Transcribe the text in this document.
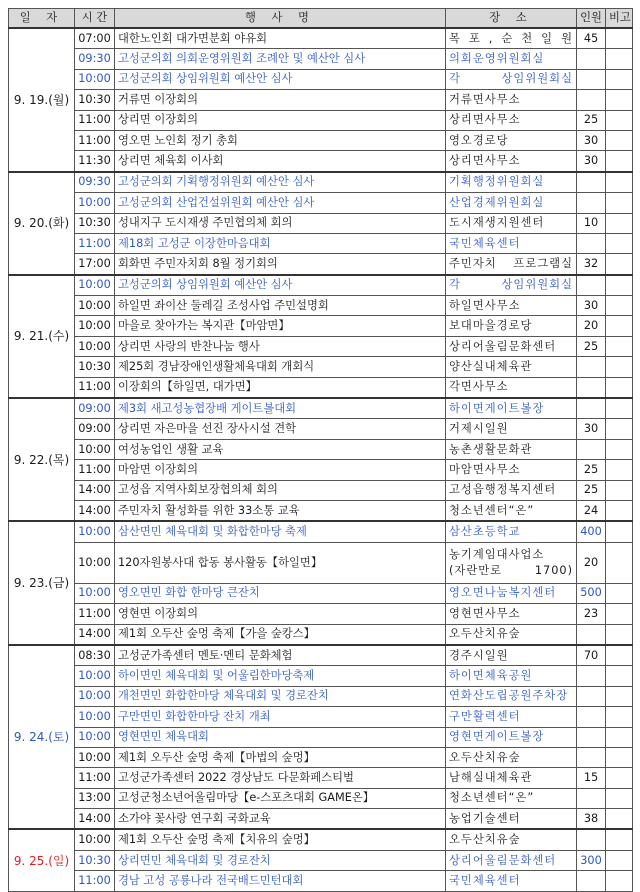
일 자	시 간	행 사 명	장 소	인원	비고
9. 19.(월)	07:00	대한노인회 대가면분회 야유회	목 포 , 순 천 일 원	45	
	09:30	고성군의회 의회운영위원회 조례안 및 예산안 심사	의회운영위원회실		
	10:00	고성군의회 상임위원회 예산안 심사	각 상임위원회실		
	10:30	거류면 이장회의	거류면사무소		
	11:00	상리면 이장회의	상리면사무소	25	
	11:00	영오면 노인회 정기 총회	영오경로당	30	
	11:30	상리면 체육회 이사회	상리면사무소	30	
9. 20.(화)	09:30	고성군의회 기획행정위원회 예산안 심사	기획행정위원회실		
	10:00	고성군의회 산업건설위원회 예산안 심사	산업경제위원회실		
	10:30	성내지구 도시재생 주민협의체 회의	도시재생지원센터	10	
	11:00	제18회 고성군 이장한마음대회	국민체육센터		
	17:00	회화면 주민자치회 8월 정기회의	주민자치 프로그램실	32	
9. 21.(수)	10:00	고성군의회 상임위원회 예산안 심사	각 상임위원회실		
	10:00	하일면 좌이산 둘레길 조성사업 주민설명회	하일면사무소	30	
	10:00	마을로 찾아가는 복지관【마암면】	보대마을경로당	20	
	10:00	상리면 사랑의 반찬나눔 행사	상리어울림문화센터	25	
	10:30	제25회 경남장애인생활체육대회 개회식	양산실내체육관		
	11:00	이장회의【하일면, 대가면】	각면사무소		
9. 22.(목)	09:00	제3회 새고성농협장배 게이트볼대회	하이면게이트볼장		
	09:00	상리면 자은마을 선진 장사시설 견학	거제시일원	30	
	10:00	여성농업인 생활 교육	농촌생활문화관		
	11:00	마암면 이장회의	마암면사무소	25	
	14:00	고성읍 지역사회보장협의체 회의	고성읍행정복지센터	25	
	14:00	주민자치 활성화를 위한 33소통 교육	청소년센터“온”	24	
9. 23.(금)	10:00	삼산면민 체육대회 및 화합한마당 축제	삼산초등학교	400	
	10:00	120자원봉사대 합동 봉사활동【하일면】	농기계임대사업소
(자란만로 1700)	20	
	10:00	영오면민 화합 한마당 큰잔치	영오면나눔복지센터	500	
	11:00	영현면 이장회의	영현면사무소	23	
	14:00	제1회 오두산 숲멍 축제【가을 숲캉스】	오두산치유숲		
9. 24.(토)	08:30	고성군가족센터 멘토·멘티 문화체험	경주시일원	70	
	10:00	하이면민 체육대회 및 어울림한마당축제	하이면체육공원		
	10:00	개천면민 화합한마당 체육대회 및 경로잔치	연화산도립공원주차장		
	10:00	구만면민 화합한마당 잔치 개최	구만활력센터		
	10:00	영현면민 체육대회	영현면게이트볼장		
	10:00	제1회 오두산 숲멍 축제【마법의 숲멍】	오두산치유숲		
	11:00	고성군가족센터 2022 경상남도 다문화페스티벌	남해실내체육관	15	
	13:00	고성군청소년어울림마당【e-스포츠대회 GAME온】	청소년센터“온”		
	14:00	소가야 꽃사랑 연구회 국화교육	농업기술센터	38	
9. 25.(일)	10:00	제1회 오두산 숲멍 축제【치유의 숲멍】	오두산치유숲		
	10:30	상리면민 체육대회 및 경로잔치	상리어울림문화센터	300	
	11:00	경남 고성 공룡나라 전국배드민턴대회	국민체육센터		
